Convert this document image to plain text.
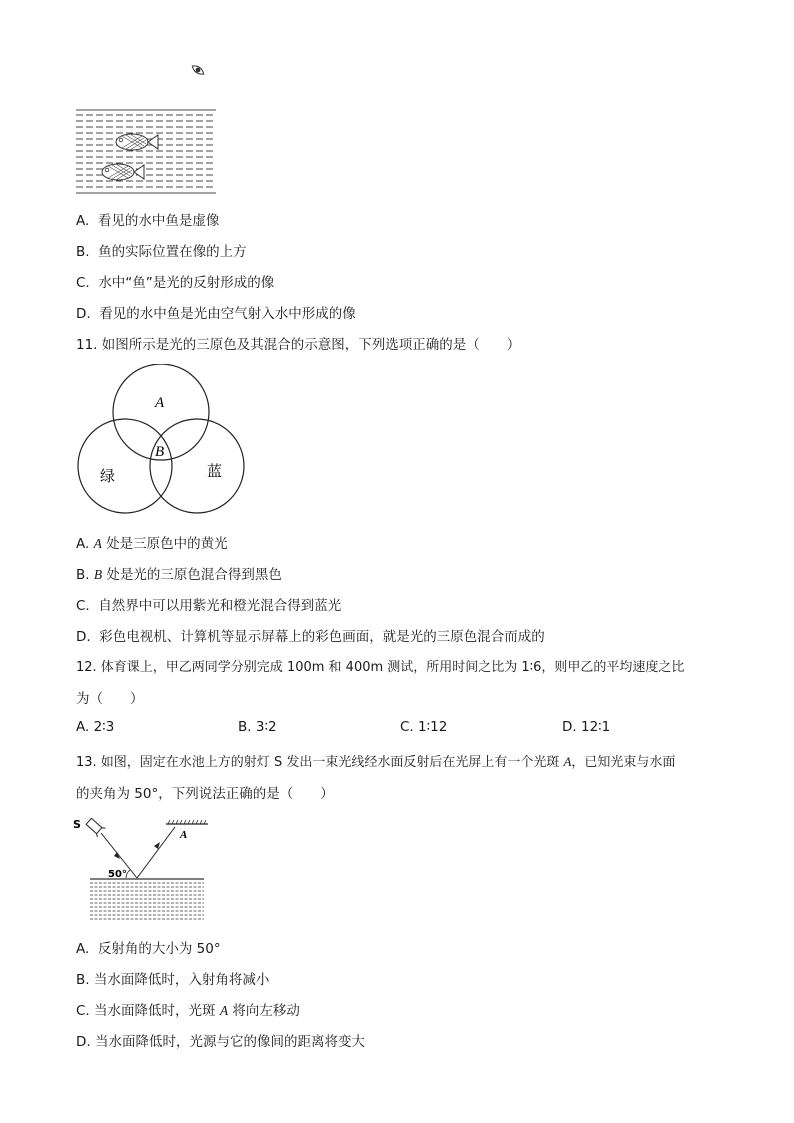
A. 看见的水中鱼是虚像
B. 鱼的实际位置在像的上方
C. 水中“鱼”是光的反射形成的像
D. 看见的水中鱼是光由空气射入水中形成的像
11. 如图所示是光的三原色及其混合的示意图，下列选项正确的是（　　）
A
B
绿	蓝
A. A 处是三原色中的黄光
B. B 处是光的三原色混合得到黑色
C. 自然界中可以用紫光和橙光混合得到蓝光
D. 彩色电视机、计算机等显示屏幕上的彩色画面，就是光的三原色混合而成的
12. 体育课上，甲乙两同学分别完成 100m 和 400m 测试，所用时间之比为 1∶6，则甲乙的平均速度之比
为（　　）
A. 2∶3	B. 3∶2	C. 1∶12	D. 12∶1
13. 如图，固定在水池上方的射灯 S 发出一束光线经水面反射后在光屏上有一个光斑 A，已知光束与水面
的夹角为 50°，下列说法正确的是（　　）
S
A
50°
A. 反射角的大小为 50°
B. 当水面降低时，入射角将减小
C. 当水面降低时，光斑 A 将向左移动
D. 当水面降低时，光源与它的像间的距离将变大
